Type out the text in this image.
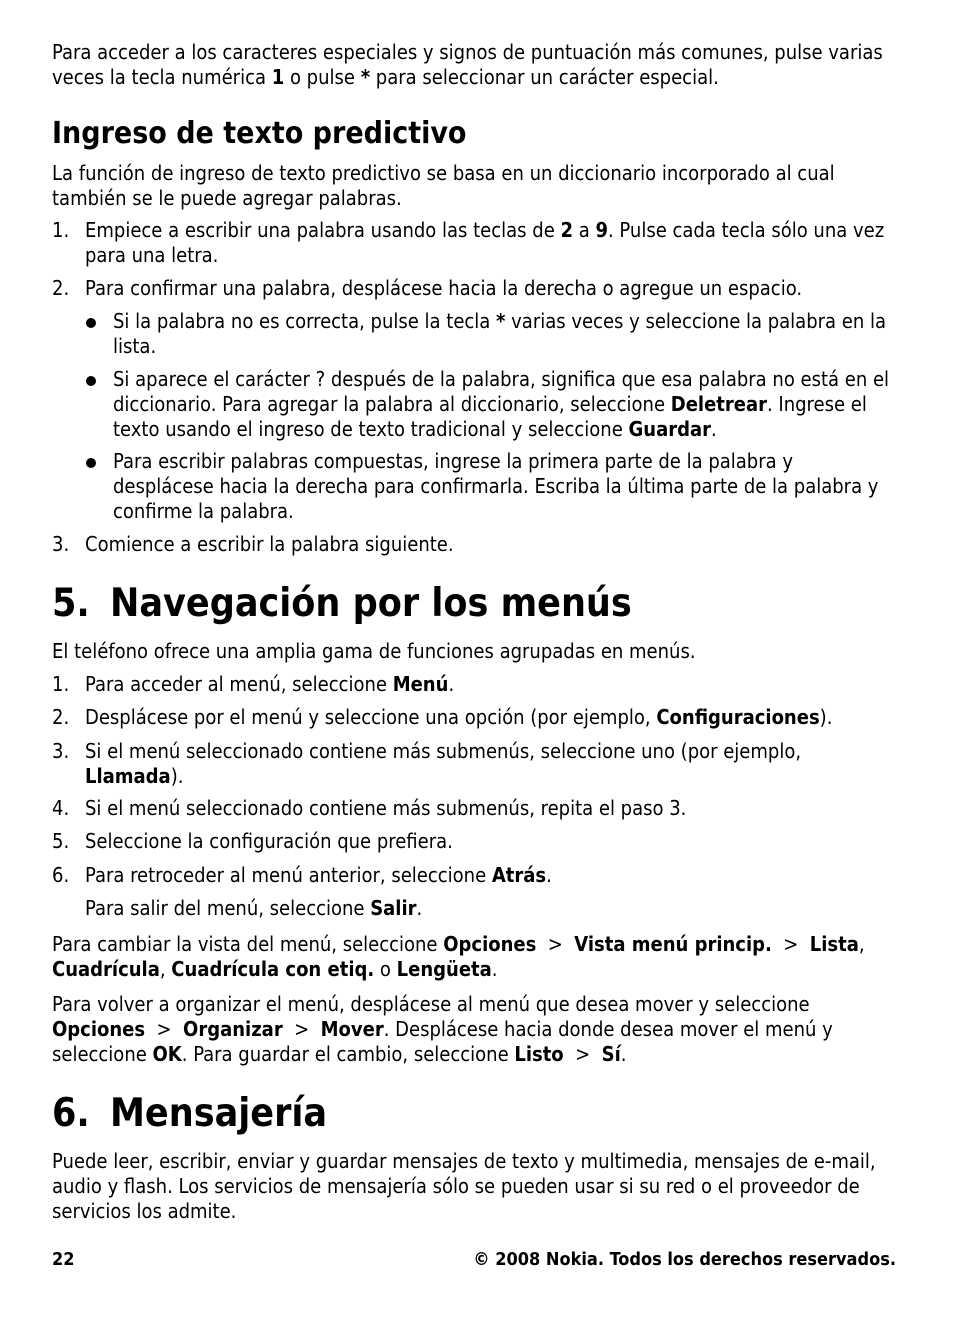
Para acceder a los caracteres especiales y signos de puntuación más comunes, pulse varias veces la tecla numérica 1 o pulse * para seleccionar un carácter especial.

Ingreso de texto predictivo

La función de ingreso de texto predictivo se basa en un diccionario incorporado al cual también se le puede agregar palabras.

1. Empiece a escribir una palabra usando las teclas de 2 a 9. Pulse cada tecla sólo una vez para una letra.
2. Para confirmar una palabra, desplácese hacia la derecha o agregue un espacio.
Si la palabra no es correcta, pulse la tecla * varias veces y seleccione la palabra en la lista.
Si aparece el carácter ? después de la palabra, significa que esa palabra no está en el diccionario. Para agregar la palabra al diccionario, seleccione Deletrear. Ingrese el texto usando el ingreso de texto tradicional y seleccione Guardar.
Para escribir palabras compuestas, ingrese la primera parte de la palabra y desplácese hacia la derecha para confirmarla. Escriba la última parte de la palabra y confirme la palabra.
3. Comience a escribir la palabra siguiente.
5. Navegación por los menús

El teléfono ofrece una amplia gama de funciones agrupadas en menús.

1. Para acceder al menú, seleccione Menú.
2. Desplácese por el menú y seleccione una opción (por ejemplo, Configuraciones).
3. Si el menú seleccionado contiene más submenús, seleccione uno (por ejemplo, Llamada).
4. Si el menú seleccionado contiene más submenús, repita el paso 3.
5. Seleccione la configuración que prefiera.
6. Para retroceder al menú anterior, seleccione Atrás.
Para salir del menú, seleccione Salir.

Para cambiar la vista del menú, seleccione Opciones  >  Vista menú princip.  >  Lista, Cuadrícula, Cuadrícula con etiq. o Lengüeta.

Para volver a organizar el menú, desplácese al menú que desea mover y seleccione Opciones  >  Organizar  >  Mover. Desplácese hacia donde desea mover el menú y seleccione OK. Para guardar el cambio, seleccione Listo  >  Sí.

6. Mensajería

Puede leer, escribir, enviar y guardar mensajes de texto y multimedia, mensajes de e-mail, audio y flash. Los servicios de mensajería sólo se pueden usar si su red o el proveedor de servicios los admite.

22	© 2008 Nokia. Todos los derechos reservados.
